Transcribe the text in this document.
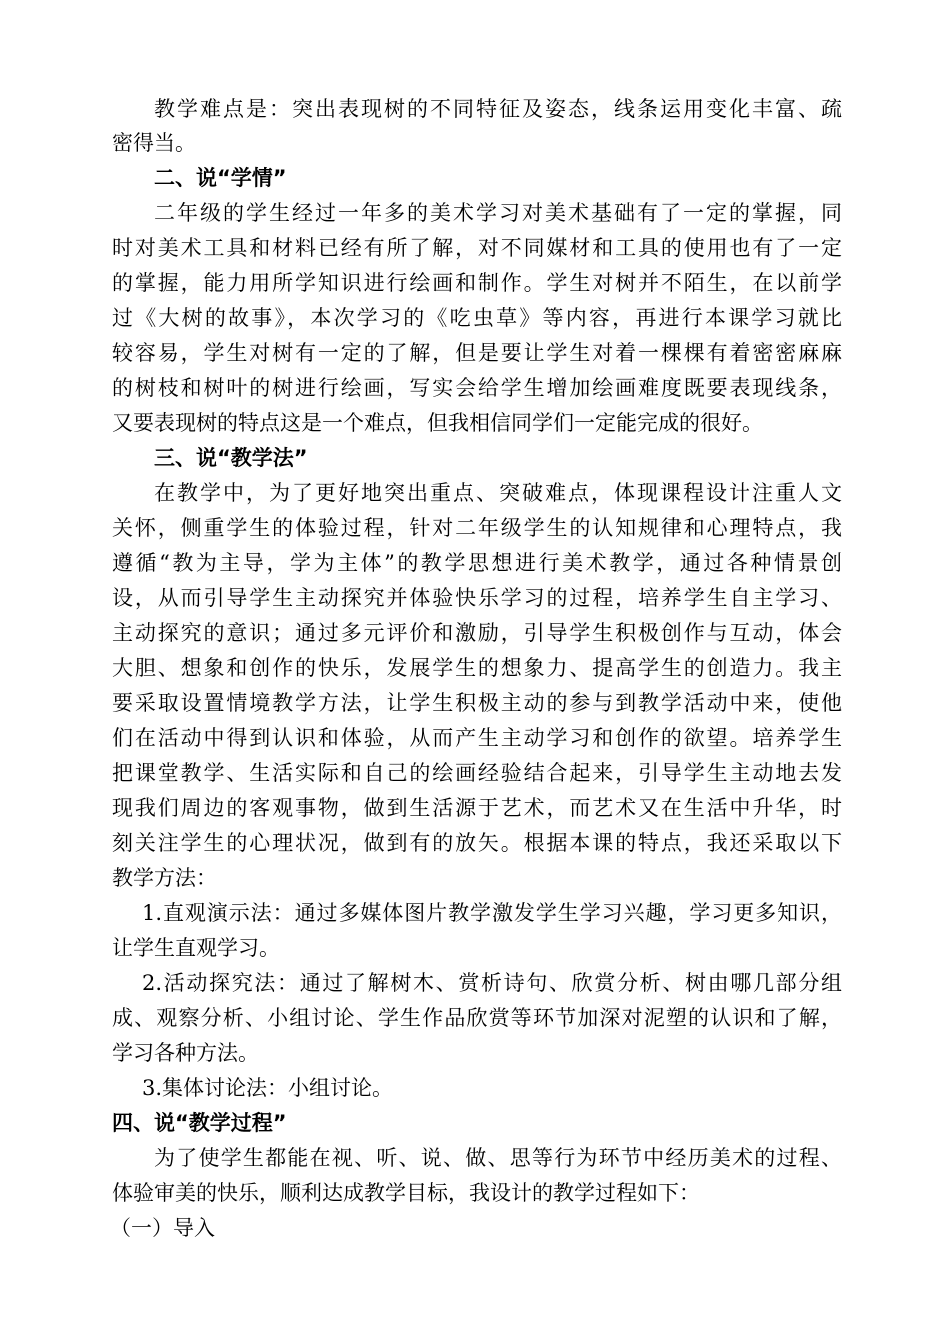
教学难点是：突出表现树的不同特征及姿态，线条运用变化丰富、疏
密得当。
二、说“学情”
二年级的学生经过一年多的美术学习对美术基础有了一定的掌握，同
时对美术工具和材料已经有所了解，对不同媒材和工具的使用也有了一定
的掌握，能力用所学知识进行绘画和制作。学生对树并不陌生，在以前学
过《大树的故事》，本次学习的《吃虫草》等内容，再进行本课学习就比
较容易，学生对树有一定的了解，但是要让学生对着一棵棵有着密密麻麻
的树枝和树叶的树进行绘画，写实会给学生增加绘画难度既要表现线条，
又要表现树的特点这是一个难点，但我相信同学们一定能完成的很好。
三、说“教学法”
在教学中，为了更好地突出重点、突破难点，体现课程设计注重人文
关怀，侧重学生的体验过程，针对二年级学生的认知规律和心理特点，我
遵循“教为主导，学为主体”的教学思想进行美术教学，通过各种情景创
设，从而引导学生主动探究并体验快乐学习的过程，培养学生自主学习、
主动探究的意识；通过多元评价和激励，引导学生积极创作与互动，体会
大胆、想象和创作的快乐，发展学生的想象力、提高学生的创造力。我主
要采取设置情境教学方法，让学生积极主动的参与到教学活动中来，使他
们在活动中得到认识和体验，从而产生主动学习和创作的欲望。培养学生
把课堂教学、生活实际和自己的绘画经验结合起来，引导学生主动地去发
现我们周边的客观事物，做到生活源于艺术，而艺术又在生活中升华，时
刻关注学生的心理状况，做到有的放矢。根据本课的特点，我还采取以下
教学方法：
1.直观演示法：通过多媒体图片教学激发学生学习兴趣，学习更多知识，
让学生直观学习。
2.活动探究法：通过了解树木、赏析诗句、欣赏分析、树由哪几部分组
成、观察分析、小组讨论、学生作品欣赏等环节加深对泥塑的认识和了解，
学习各种方法。
3.集体讨论法：小组讨论。
四、说“教学过程”
为了使学生都能在视、听、说、做、思等行为环节中经历美术的过程、
体验审美的快乐，顺利达成教学目标，我设计的教学过程如下：
（一）导入
